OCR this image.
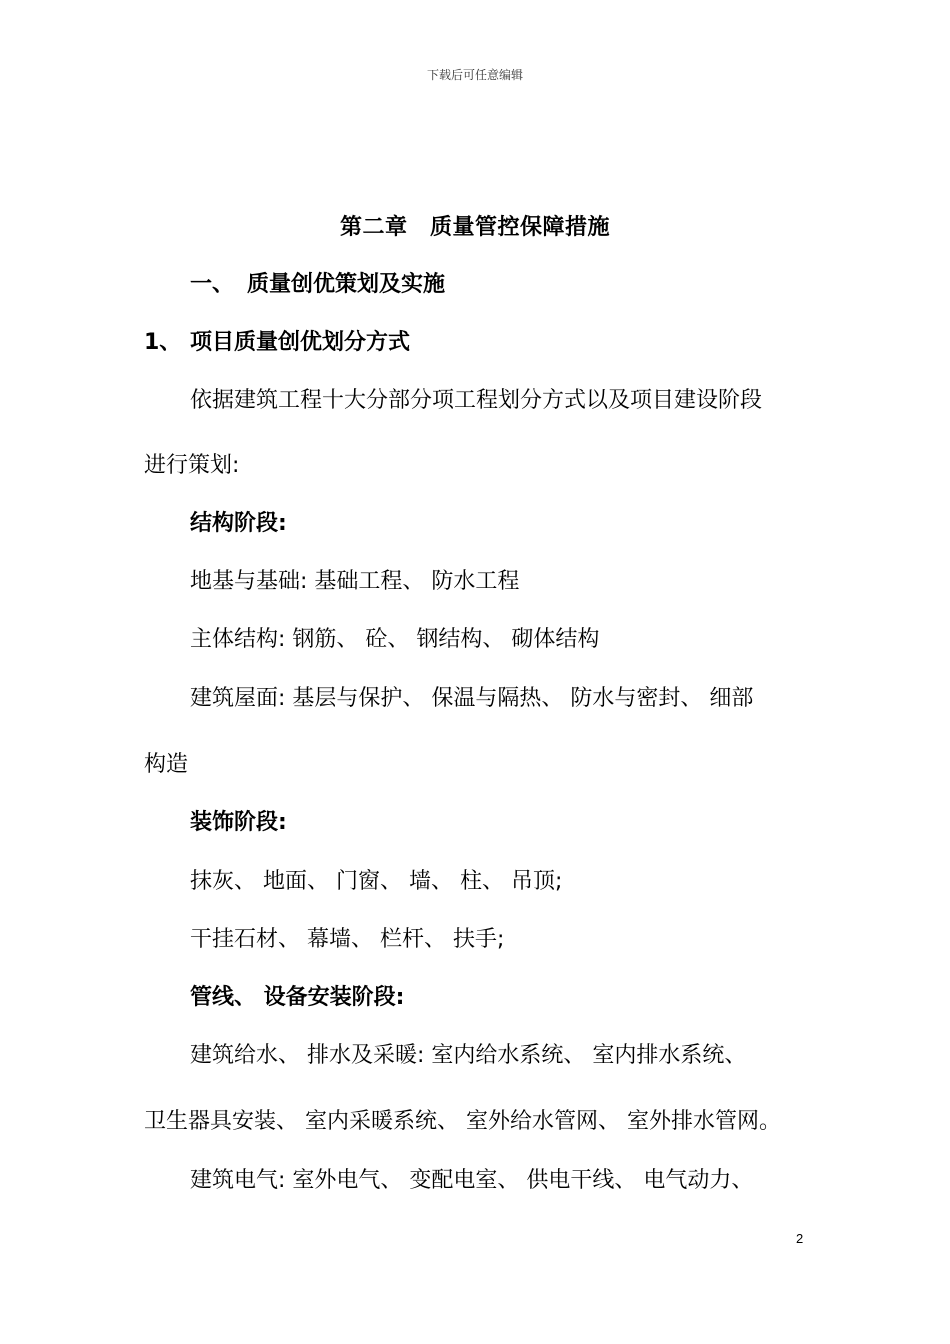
下载后可任意编辑
第二章　质量管控保障措施
一、 质量创优策划及实施
1、 项目质量创优划分方式
依据建筑工程十大分部分项工程划分方式以及项目建设阶段
进行策划:
结构阶段:
地基与基础: 基础工程、 防水工程
主体结构: 钢筋、 砼、 钢结构、 砌体结构
建筑屋面: 基层与保护、 保温与隔热、 防水与密封、 细部
构造
装饰阶段:
抹灰、 地面、 门窗、 墙、 柱、 吊顶;
干挂石材、 幕墙、 栏杆、 扶手;
管线、 设备安装阶段:
建筑给水、 排水及采暖: 室内给水系统、 室内排水系统、
卫生器具安装、 室内采暖系统、 室外给水管网、 室外排水管网。
建筑电气: 室外电气、 变配电室、 供电干线、 电气动力、
2
